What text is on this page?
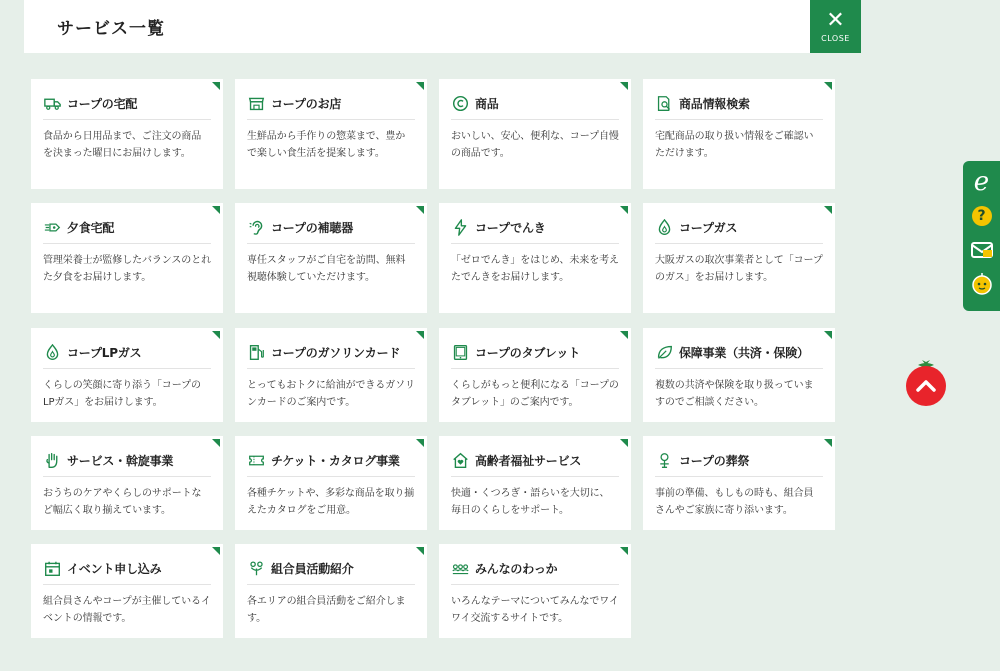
サービス一覧	✕
CLOSE
コープの宅配

食品から日用品まで、ご注文の商品を決まった曜日にお届けします。

コープのお店

生鮮品から手作りの惣菜まで、豊かで楽しい食生活を提案します。

商品

おいしい、安心、便利な、コープ自慢の商品です。

商品情報検索

宅配商品の取り扱い情報をご確認いただけます。

夕食宅配

管理栄養士が監修したバランスのとれた夕食をお届けします。

コープの補聴器

専任スタッフがご自宅を訪問、無料視聴体験していただけます。

コープでんき

「ゼロでんき」をはじめ、未来を考えたでんきをお届けします。

コープガス

大阪ガスの取次事業者として「コープのガス」をお届けします。

コープLPガス

くらしの笑顔に寄り添う「コープのLPガス」をお届けします。

コープのガソリンカード

とってもおトクに給油ができるガソリンカードのご案内です。

コープのタブレット

くらしがもっと便利になる「コープのタブレット」のご案内です。

保障事業（共済・保険）

複数の共済や保険を取り扱っていますのでご相談ください。

サービス・斡旋事業

おうちのケアやくらしのサポートなど幅広く取り揃えています。

チケット・カタログ事業

各種チケットや、多彩な商品を取り揃えたカタログをご用意。

高齢者福祉サービス

快適・くつろぎ・語らいを大切に、毎日のくらしをサポート。

コープの葬祭

事前の準備、もしもの時も、組合員さんやご家族に寄り添います。

イベント申し込み

組合員さんやコープが主催しているイベントの情報です。

組合員活動紹介

各エリアの組合員活動をご紹介します。

みんなのわっか

いろんなテーマについてみんなでワイワイ交流するサイトです。

e
?
